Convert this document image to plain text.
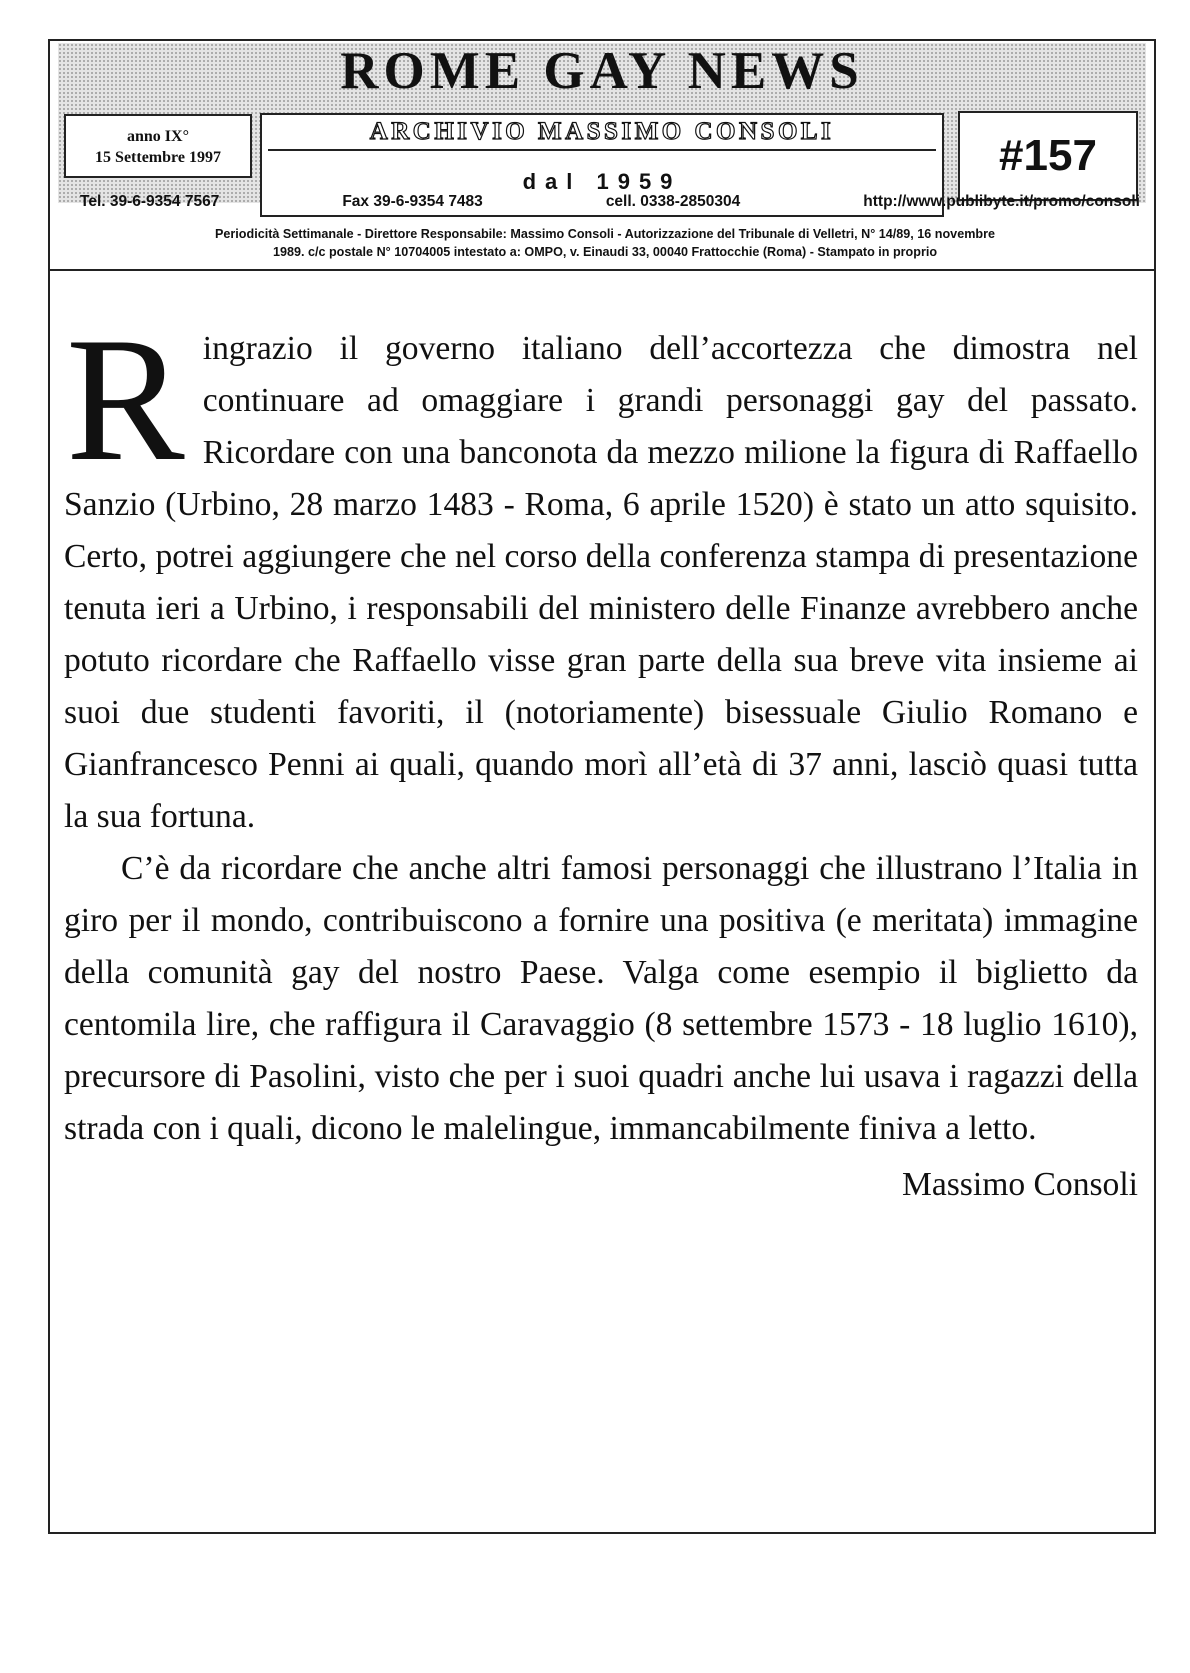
ROME GAY NEWS
ARCHIVIO MASSIMO CONSOLI
dal 1959
anno IX°
15 Settembre 1997	#157
Tel. 39-6-9354 7567	Fax 39-6-9354 7483	cell. 0338-2850304	http://www.publibyte.it/promo/consoli
Periodicità Settimanale - Direttore Responsabile: Massimo Consoli - Autorizzazione del Tribunale di Velletri, N° 14/89, 16 novembre
1989. c/c postale N° 10704005 intestato a: OMPO, v. Einaudi 33, 00040 Frattocchie (Roma) - Stampato in proprio

Ringrazio il governo italiano dell’accortezza che dimostra nel continuare ad omaggiare i grandi personaggi gay del passato. Ricordare con una banconota da mezzo milione la figura di Raffaello Sanzio (Urbino, 28 marzo 1483 - Roma, 6 aprile 1520) è stato un atto squisito. Certo, potrei aggiungere che nel corso della conferenza stampa di presentazione tenuta ieri a Urbino, i responsabili del ministero delle Finanze avrebbero anche potuto ricordare che Raffaello visse gran parte della sua breve vita insieme ai suoi due studenti favoriti, il (notoriamente) bisessuale Giulio Romano e Gianfrancesco Penni ai quali, quando morì all’età di 37 anni, lasciò quasi tutta la sua fortuna.

C’è da ricordare che anche altri famosi personaggi che illustrano l’Italia in giro per il mondo, contribuiscono a fornire una positiva (e meritata) immagine della comunità gay del nostro Paese. Valga come esempio il biglietto da centomila lire, che raffigura il Caravaggio (8 settembre 1573 - 18 luglio 1610), precursore di Pasolini, visto che per i suoi quadri anche lui usava i ragazzi della strada con i quali, dicono le malelingue, immancabilmente finiva a letto.

Massimo Consoli
